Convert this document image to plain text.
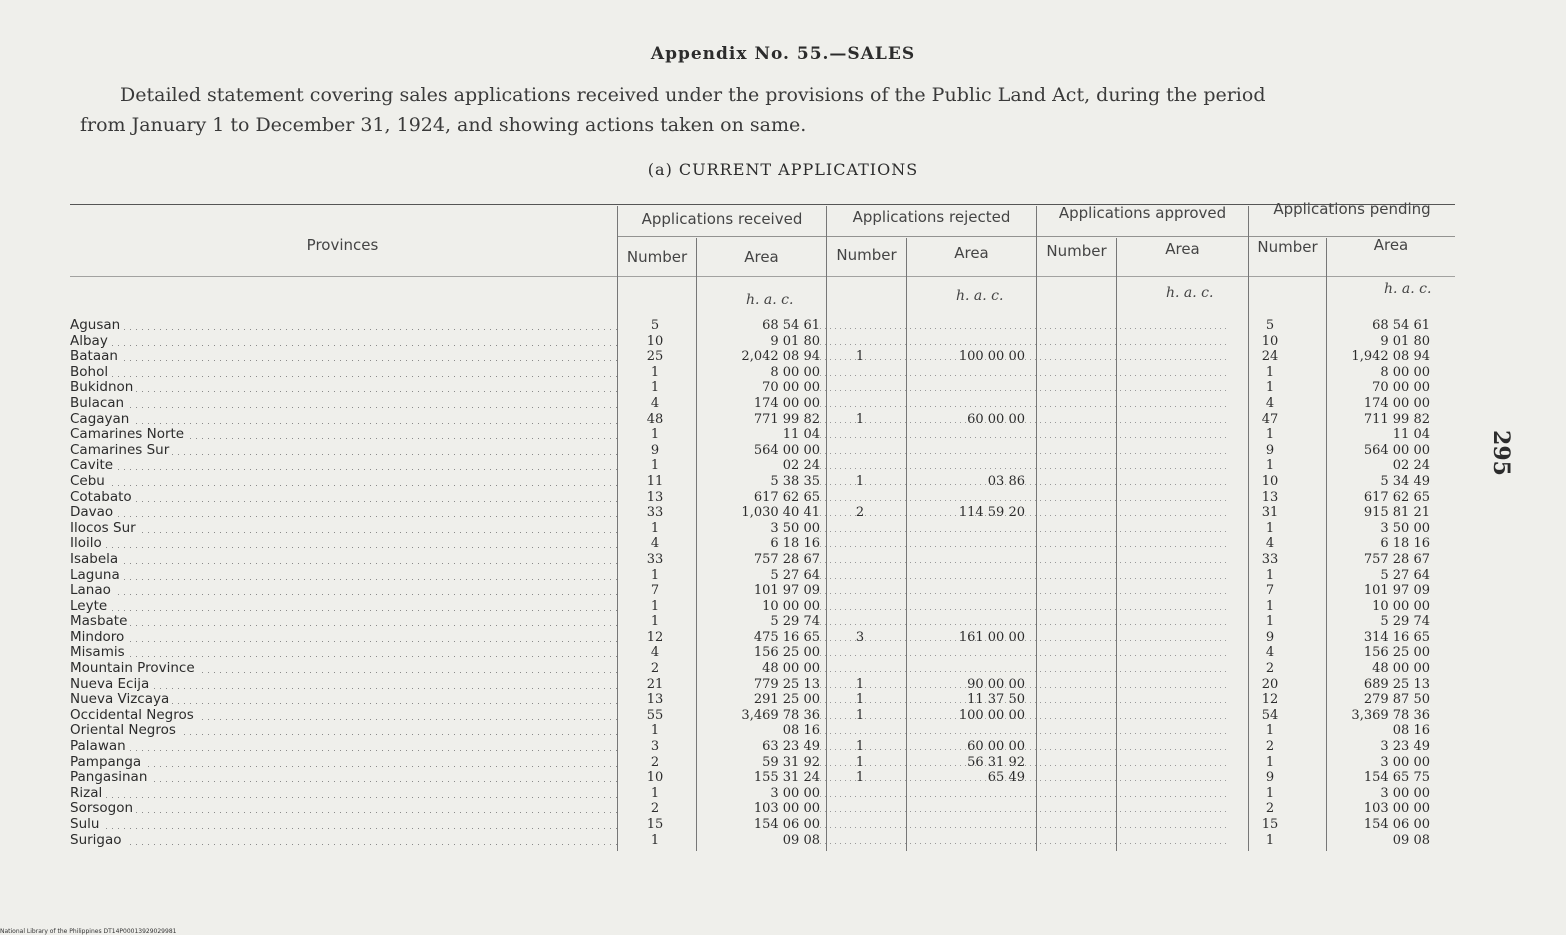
Appendix No. 55.—SALES
Detailed statement covering sales applications received under the provisions of the Public Land Act, during the period
from January 1 to December 31, 1924, and showing actions taken on same.
(a) CURRENT APPLICATIONS
295
Provinces
Applications received	Applications rejected	Applications approved	Applications pending
Number	Area	Number	Area	Number	Area	Number	Area
h. a. c.	h. a. c.	h. a. c.	h. a. c.
Agusan	5	68 54 61					5	68 54 61
Albay	10	9 01 80					10	9 01 80
Bataan	25	2,042 08 94	1	100 00 00			24	1,942 08 94
Bohol	1	8 00 00					1	8 00 00
Bukidnon	1	70 00 00					1	70 00 00
Bulacan	4	174 00 00					4	174 00 00
Cagayan	48	771 99 82	1	60 00 00			47	711 99 82
Camarines Norte	1	11 04					1	11 04
Camarines Sur	9	564 00 00					9	564 00 00
Cavite	1	02 24					1	02 24
Cebu	11	5 38 35	1	03 86			10	5 34 49
Cotabato	13	617 62 65					13	617 62 65
Davao	33	1,030 40 41	2	114 59 20			31	915 81 21
Ilocos Sur	1	3 50 00					1	3 50 00
Iloilo	4	6 18 16					4	6 18 16
Isabela	33	757 28 67					33	757 28 67
Laguna	1	5 27 64					1	5 27 64
Lanao	7	101 97 09					7	101 97 09
Leyte	1	10 00 00					1	10 00 00
Masbate	1	5 29 74					1	5 29 74
Mindoro	12	475 16 65	3	161 00 00			9	314 16 65
Misamis	4	156 25 00					4	156 25 00
Mountain Province	2	48 00 00					2	48 00 00
Nueva Ecija	21	779 25 13	1	90 00 00			20	689 25 13
Nueva Vizcaya	13	291 25 00	1	11 37 50			12	279 87 50
Occidental Negros	55	3,469 78 36	1	100 00 00			54	3,369 78 36
Oriental Negros	1	08 16					1	08 16
Palawan	3	63 23 49	1	60 00 00			2	3 23 49
Pampanga	2	59 31 92	1	56 31 92			1	3 00 00
Pangasinan	10	155 31 24	1	65 49			9	154 65 75
Rizal	1	3 00 00					1	3 00 00
Sorsogon	2	103 00 00					2	103 00 00
Sulu	15	154 06 00					15	154 06 00
Surigao	1	09 08					1	09 08
National Library of the Philippines DT14P00013929029981
